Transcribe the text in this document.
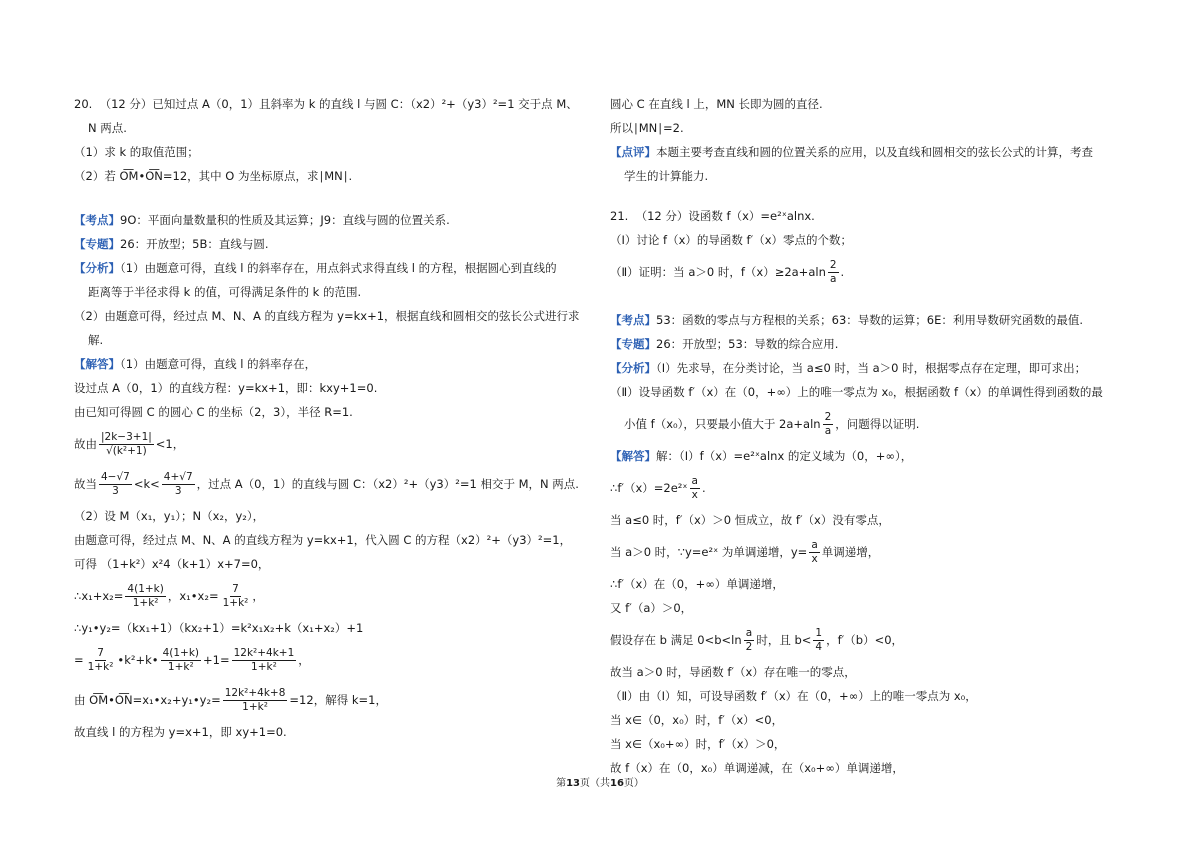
20.  （12 分）已知过点 A（0，1）且斜率为 k 的直线 l 与圆 C：（x⁢2）²+（y⁢3）²=1 交于点 M、
N 两点.
（1）求 k 的取值范围；
（2）若 O͞M•O͞N=12，其中 O 为坐标原点，求∣MN∣.
【考点】9O：平面向量数量积的性质及其运算；J9：直线与圆的位置关系.
【专题】26：开放型；5B：直线与圆.
【分析】（1）由题意可得，直线 l 的斜率存在，用点斜式求得直线 l 的方程，根据圆心到直线的
距离等于半径求得 k 的值，可得满足条件的 k 的范围.
（2）由题意可得，经过点 M、N、A 的直线方程为 y=kx+1，根据直线和圆相交的弦长公式进行求
解.
【解答】（1）由题意可得，直线 l 的斜率存在，
设过点 A（0，1）的直线方程：y=kx+1，即：kx⁢y+1=0.
由已知可得圆 C 的圆心 C 的坐标（2，3），半径 R=1.
故由 $\frac{|2k-3+1|}{\text{√(k²+1)}} <1$，
故当 $\frac{4-√7}{3} <k< \frac{4+√7}{3}$ ，过点 A（0，1）的直线与圆 C：（x⁢2）²+（y⁢3）²=1 相交于 M，N 两点.
（2）设 M（x₁，y₁）；N（x₂，y₂），
由题意可得，经过点 M、N、A 的直线方程为 y=kx+1，代入圆 C 的方程（x⁢2）²+（y⁢3）²=1，
可得 （1+k²）x²⁢4（k+1）x+7=0，
∴x₁+x₂= $\frac{4(1+k)}{\text{1+k²}}$ ，x₁•x₂= $\frac{7}{\text{1+k²}}$ ，
∴y₁•y₂=（kx₁+1）（kx₂+1）=k²x₁x₂+k（x₁+x₂）+1
= $\frac{7}{\text{1+k²}}$ •k²+k• $\frac{4(1+k)}{\text{1+k²}} +1= \frac{\text{12k²+4k+1}}{\text{1+k²}}$ ，
由 O͞M•O͞N=x₁•x₂+y₁•y₂= $\frac{\text{12k²+4k+8}}{\text{1+k²}} =12$，解得 k=1，
故直线 l 的方程为 y=x+1，即 x⁢y+1=0.
圆心 C 在直线 l 上，MN 长即为圆的直径.
所以∣MN∣=2.
【点评】本题主要考查直线和圆的位置关系的应用，以及直线和圆相交的弦长公式的计算，考查
学生的计算能力.
21.  （12 分）设函数 f（x）=e²ˣ⁢alnx.
（Ⅰ）讨论 f（x）的导函数 f′（x）零点的个数；
（Ⅱ）证明：当 a＞0 时，$f(x)\ge 2a+aln \frac{2}{a}$ .
【考点】53：函数的零点与方程根的关系；63：导数的运算；6E：利用导数研究函数的最值.
【专题】26：开放型；53：导数的综合应用.
【分析】（Ⅰ）先求导，在分类讨论，当 a≤0 时，当 a＞0 时，根据零点存在定理，即可求出；
（Ⅱ）设导函数 f′（x）在（0，+∞）上的唯一零点为 x₀，根据函数 f（x）的单调性得到函数的最
小值 f（x₀），只要最小值大于 $2a+aln \frac{2}{a}$ ，问题得以证明.
【解答】解：（Ⅰ）f（x）=e²ˣ⁢alnx 的定义域为（0，+∞），
∴f′（x）=2e²ˣ⁢ $\frac{a}{x}$ .
当 a≤0 时，f′（x）＞0 恒成立，故 f′（x）没有零点，
当 a＞0 时，∵y=e²ˣ 为单调递增，y=⁢ $\frac{a}{x}$ 单调递增，
∴f′（x）在（0，+∞）单调递增，
又 f′（a）＞0，
假设存在 b 满足 $0<b<\ln \frac{a}{2}$ 时，且 $b< \frac{1}{4}$ ，f′（b）<0，
故当 a＞0 时，导函数 f′（x）存在唯一的零点，
（Ⅱ）由（Ⅰ）知，可设导函数 f′（x）在（0，+∞）上的唯一零点为 x₀，
当 x∈（0，x₀）时，f′（x）<0，
当 x∈（x₀+∞）时，f′（x）＞0，
故 f（x）在（0，x₀）单调递减，在（x₀+∞）单调递增，
第13页（共16页）
